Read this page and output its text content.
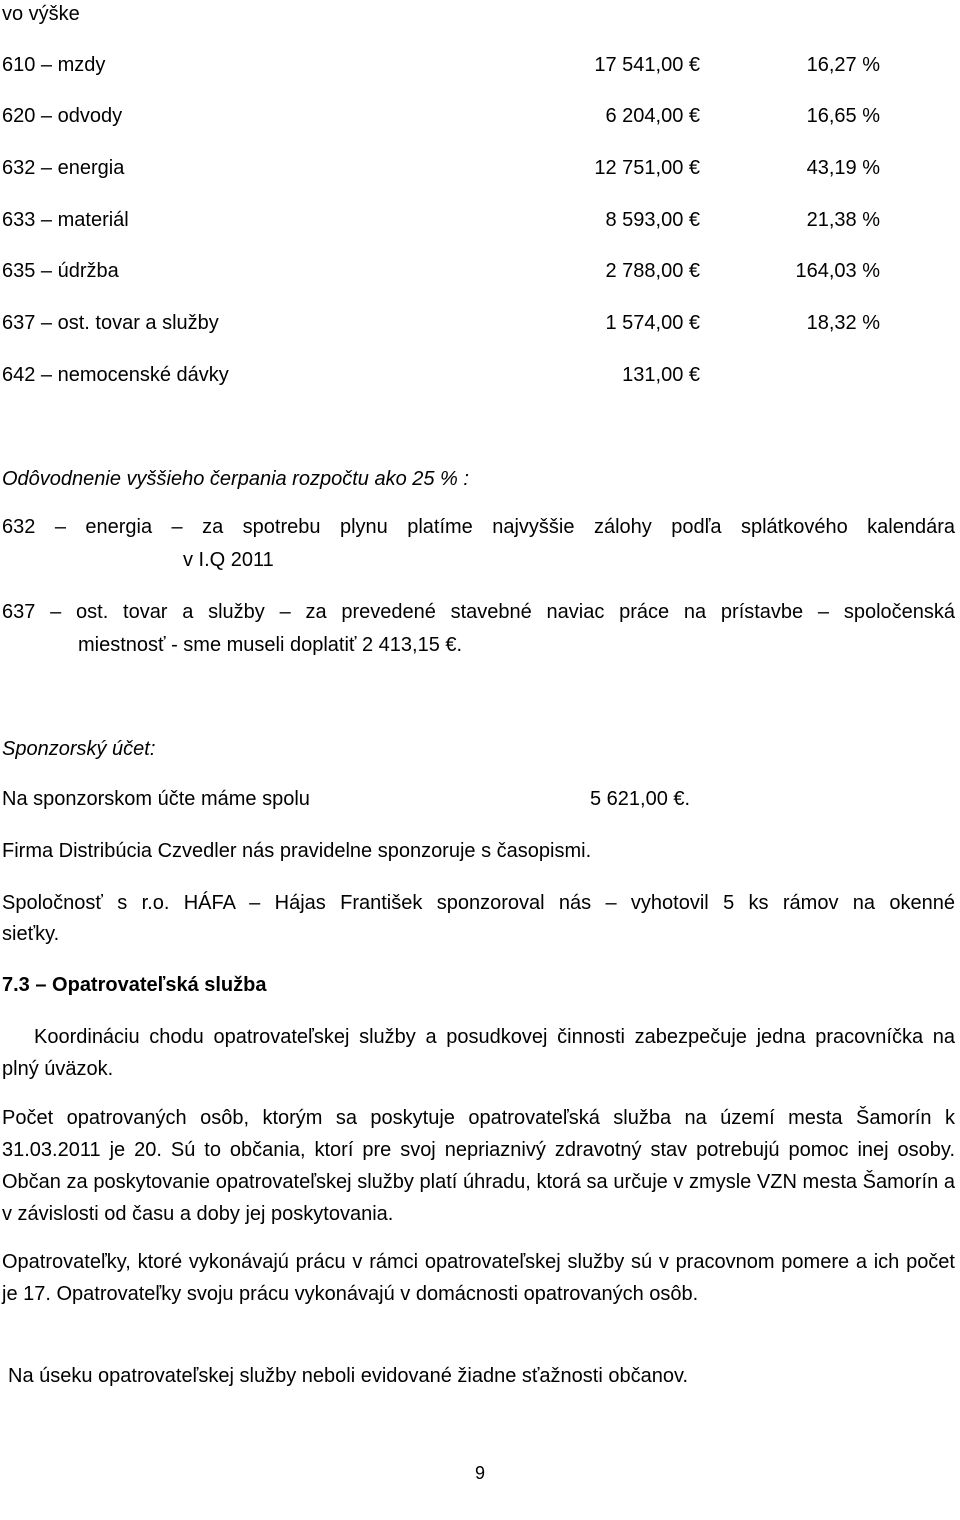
vo výške
610 – mzdy	17 541,00 €	16,27 %
620 – odvody	6 204,00 €	16,65 %
632 – energia	12 751,00 €	43,19 %
633 – materiál	8 593,00 €	21,38 %
635 – údržba	2 788,00 €	164,03 %
637 – ost. tovar a služby	1 574,00 €	18,32 %
642 – nemocenské dávky	131,00 €
Odôvodnenie vyššieho čerpania rozpočtu ako 25 % :
632 – energia – za spotrebu plynu platíme najvyššie zálohy podľa splátkového kalendára
v I.Q 2011
637 – ost. tovar a služby – za prevedené stavebné naviac práce na prístavbe – spoločenská
miestnosť - sme museli doplatiť 2 413,15 €.
Sponzorský účet:
Na sponzorskom účte máme spolu	5 621,00 €.
Firma Distribúcia Czvedler nás pravidelne sponzoruje s časopismi.
Spoločnosť s r.o. HÁFA – Hájas František sponzoroval nás – vyhotovil 5 ks rámov na okenné
sieťky.
7.3 – Opatrovateľská služba
Koordináciu chodu opatrovateľskej služby a posudkovej činnosti zabezpečuje jedna pracovníčka na plný úväzok.
Počet opatrovaných osôb, ktorým sa poskytuje opatrovateľská služba na území mesta Šamorín k 31.03.2011 je 20. Sú to občania, ktorí pre svoj nepriaznivý zdravotný stav potrebujú pomoc inej osoby. Občan za poskytovanie opatrovateľskej služby platí úhradu, ktorá sa určuje v zmysle VZN mesta Šamorín a v závislosti od času a doby jej poskytovania.
Opatrovateľky, ktoré vykonávajú prácu v rámci opatrovateľskej služby sú v pracovnom pomere a ich počet je 17. Opatrovateľky svoju prácu vykonávajú v domácnosti opatrovaných osôb.
Na úseku opatrovateľskej služby neboli evidované žiadne sťažnosti občanov.
9
